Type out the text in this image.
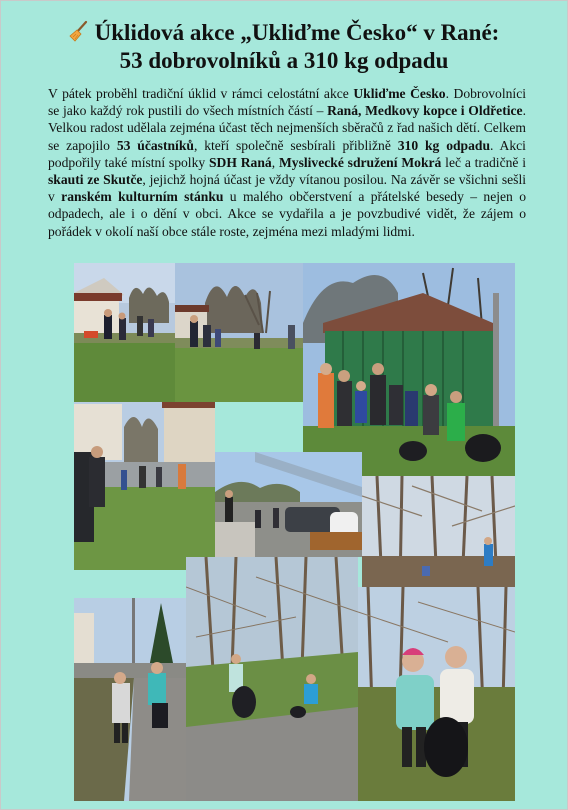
Úklidová akce „Ukliďme Česko“ v Rané:
53 dobrovolníků a 310 kg odpadu
V pátek proběhl tradiční úklid v rámci celostátní akce Ukliďme Česko. Dobrovolníci se jako každý rok pustili do všech místních částí – Raná, Medkovy kopce i Oldřetice. Velkou radost udělala zejména účast těch nejmenších sběračů z řad našich dětí. Celkem se zapojilo 53 účastníků, kteří společně sesbírali přibližně 310 kg odpadu. Akci podpořily také místní spolky SDH Raná, Myslivecké sdružení Mokrá leč a tradičně i skauti ze Skutče, jejichž hojná účast je vždy vítanou posilou. Na závěr se všichni sešli v ranském kulturním stánku u malého občerstvení a přátelské besedy – nejen o odpadech, ale i o dění v obci. Akce se vydařila a je povzbudivé vidět, že zájem o pořádek v okolí naší obce stále roste, zejména mezi mladými lidmi.
